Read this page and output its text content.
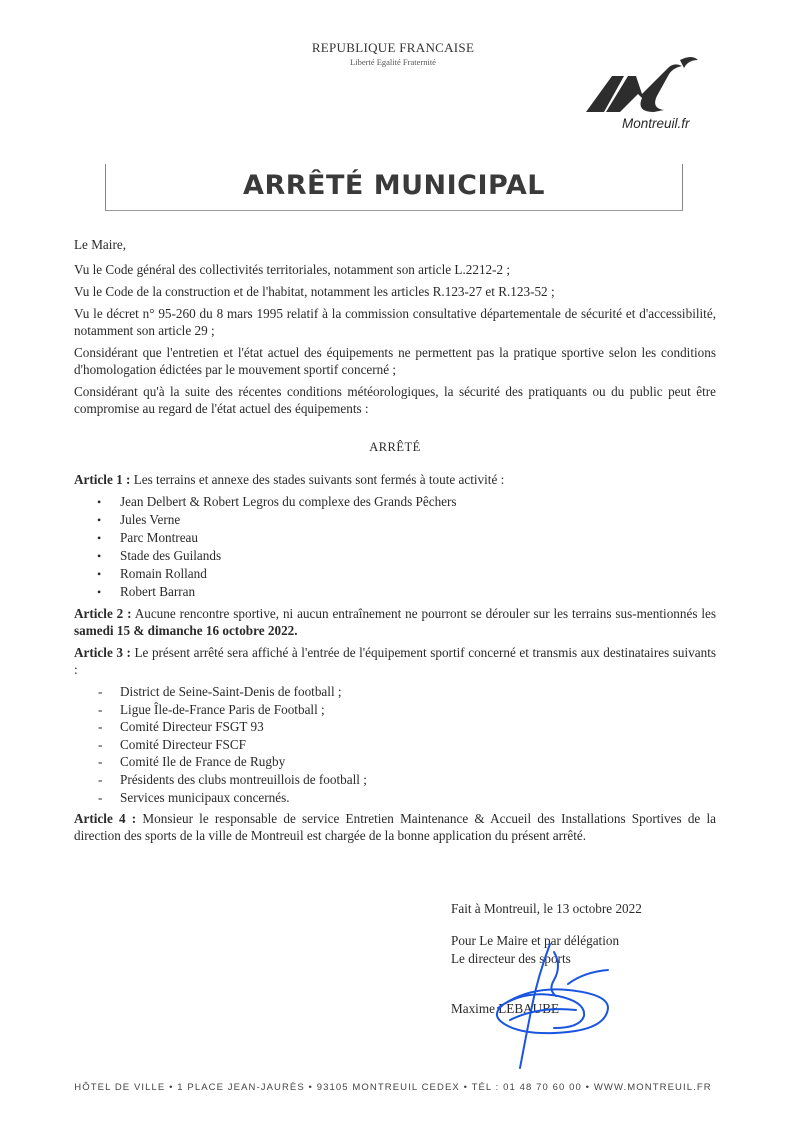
REPUBLIQUE FRANCAISE
Liberté Egalité Fraternité
Montreuil.fr
ARRÊTÉ MUNICIPAL

Le Maire,

Vu le Code général des collectivités territoriales, notamment son article L.2212-2 ;

Vu le Code de la construction et de l'habitat, notamment les articles R.123-27 et R.123-52 ;

Vu le décret n° 95-260 du 8 mars 1995 relatif à la commission consultative départementale de sécurité et d'accessibilité, notamment son article 29 ;

Considérant que l'entretien et l'état actuel des équipements ne permettent pas la pratique sportive selon les conditions d'homologation édictées par le mouvement sportif concerné ;

Considérant qu'à la suite des récentes conditions météorologiques, la sécurité des pratiquants ou du public peut être compromise au regard de l'état actuel des équipements :

ARRÊTÉ

Article 1 : Les terrains et annexe des stades suivants sont fermés à toute activité :

• Jean Delbert & Robert Legros du complexe des Grands Pêchers
• Jules Verne
• Parc Montreau
• Stade des Guilands
• Romain Rolland
• Robert Barran

Article 2 : Aucune rencontre sportive, ni aucun entraînement ne pourront se dérouler sur les terrains sus-mentionnés les samedi 15 & dimanche 16 octobre 2022.

Article 3 : Le présent arrêté sera affiché à l'entrée de l'équipement sportif concerné et transmis aux destinataires suivants :

- District de Seine-Saint-Denis de football ;
- Ligue Île-de-France Paris de Football ;
- Comité Directeur FSGT 93
- Comité Directeur FSCF
- Comité Ile de France de Rugby
- Présidents des clubs montreuillois de football ;
- Services municipaux concernés.

Article 4 : Monsieur le responsable de service Entretien Maintenance & Accueil des Installations Sportives de la direction des sports de la ville de Montreuil est chargée de la bonne application du présent arrêté.

Fait à Montreuil, le 13 octobre 2022
Pour Le Maire et par délégation
Le directeur des sports
Maxime LEBAUBE
HÔTEL DE VILLE • 1 PLACE JEAN-JAURÈS • 93105 MONTREUIL CEDEX • TÉL : 01 48 70 60 00 • WWW.MONTREUIL.FR
